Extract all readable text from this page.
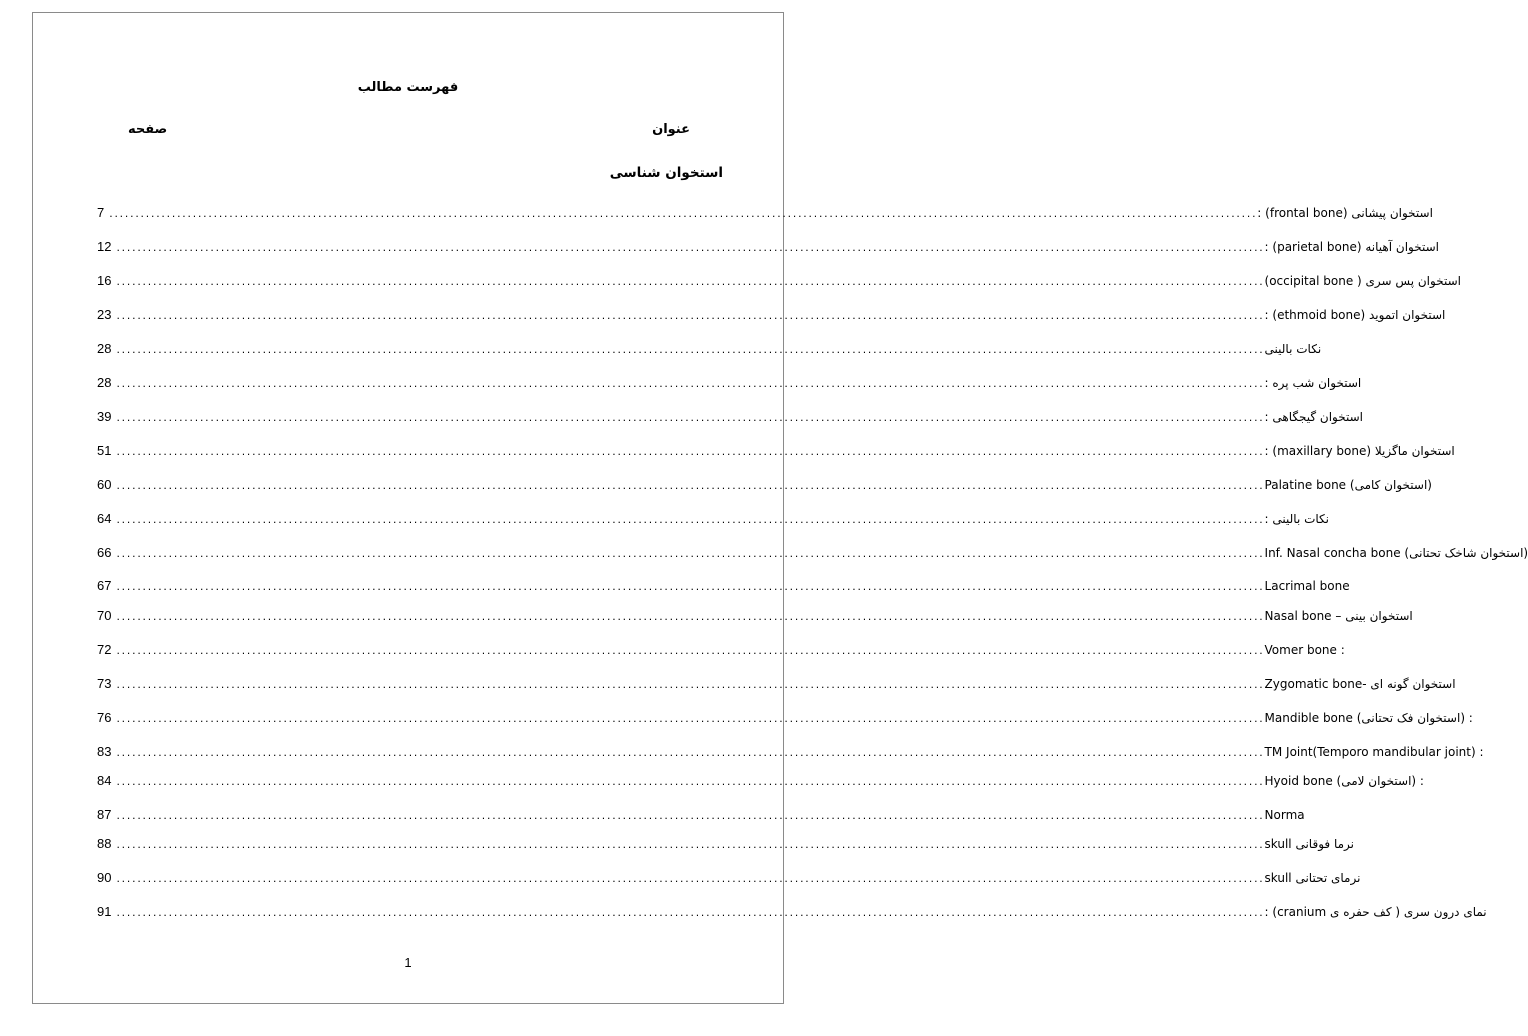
فهرست مطالب
عنوان
صفحه
استخوان شناسی
7 ............................................................................................................................................................................................................................ استخوان پیشانی (frontal bone) :
12 ............................................................................................................................................................................................................................ استخوان آهیانه (parietal bone) :
16 ............................................................................................................................................................................................................................ استخوان پس سری ( occipital bone)
23 ............................................................................................................................................................................................................................ استخوان اتموید (ethmoid bone) :
28 ............................................................................................................................................................................................................................ نکات بالینی
28 ............................................................................................................................................................................................................................ استخوان شب پره :
39 ............................................................................................................................................................................................................................ استخوان گیجگاهی :
51 ............................................................................................................................................................................................................................ استخوان ماگزیلا (maxillary bone) :
60 ............................................................................................................................................................................................................................ Palatine bone (استخوان کامی)
64 ............................................................................................................................................................................................................................ نکات بالینی :
66 ............................................................................................................................................................................................................................ Inf. Nasal concha bone (استخوان شاخک تحتانی)
67 ............................................................................................................................................................................................................................ Lacrimal bone
70 ............................................................................................................................................................................................................................ Nasal bone – استخوان بینی
72 ............................................................................................................................................................................................................................ Vomer bone :
73 ............................................................................................................................................................................................................................ Zygomatic bone- استخوان گونه ای
76 ............................................................................................................................................................................................................................ Mandible bone (استخوان فک تحتانی) :
83 ............................................................................................................................................................................................................................ TM Joint(Temporo mandibular joint) :
84 ............................................................................................................................................................................................................................ Hyoid bone (استخوان لامی) :
87 ............................................................................................................................................................................................................................ Norma
88 ............................................................................................................................................................................................................................ نرما فوقانی skull
90 ............................................................................................................................................................................................................................ نرمای تحتانی skull
91 ............................................................................................................................................................................................................................ نمای درون سری ( کف حفره ی cranium) :
1
